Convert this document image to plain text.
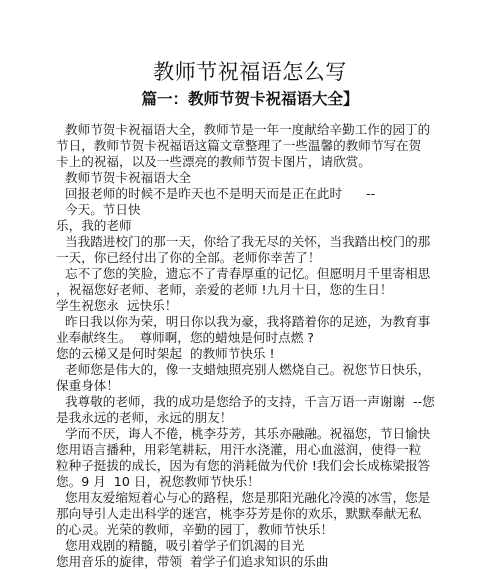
教师节祝福语怎么写
篇一：教师节贺卡祝福语大全】
教师节贺卡祝福语大全，教师节是一年一度献给辛勤工作的园丁的
节日，教师节贺卡祝福语这篇文章整理了一些温馨的教师节写在贺
卡上的祝福，以及一些漂亮的教师节贺卡图片，请欣赏。
教师节贺卡祝福语大全
回报老师的时候不是昨天也不是明天而是正在此时      --
今天。节日快
乐，我的老师
当我踏进校门的那一天，你给了我无尽的关怀，当我踏出校门的那
一天，你已经付出了你的全部。老师你幸苦了！
忘不了您的笑脸，遗忘不了青春厚重的记忆。但愿明月千里寄相思
，祝福您好老师、老师，亲爱的老师 !九月十日，您的生日！
学生祝您永  远快乐！
昨日我以你为荣，明日你以我为豪，我将踏着你的足迹，为教育事
业奉献终生。  尊师啊，您的蜡烛是何时点燃 ?
您的云梯又是何时架起  的教师节快乐 !
老师您是伟大的，像一支蜡烛照亮别人燃烧自己。祝您节日快乐，
保重身体！
我尊敬的老师，我的成功是您给予的支持，千言万语一声谢谢  --您
是我永远的老师，永远的朋友！
学而不厌，诲人不倦，桃李芬芳，其乐亦融融。祝福您，节日愉快
您用语言播种，用彩笔耕耘，用汗水浇灌，用心血滋润，使得一粒
粒种子挺拔的成长，因为有您的消耗做为代价 !我们会长成栋梁报答
您。9 月  10 日，祝您教师节快乐！
您用友爱缩短着心与心的路程，您是那阳光融化冷漠的冰雪，您是
那向导引人走出科学的迷宫，桃李芬芳是你的欢乐，默默奉献无私
的心灵。光荣的教师，辛勤的园丁，教师节快乐！
您用戏剧的精髓，吸引着学子们饥渴的目光
您用音乐的旋律，带领  着学子们追求知识的乐曲
